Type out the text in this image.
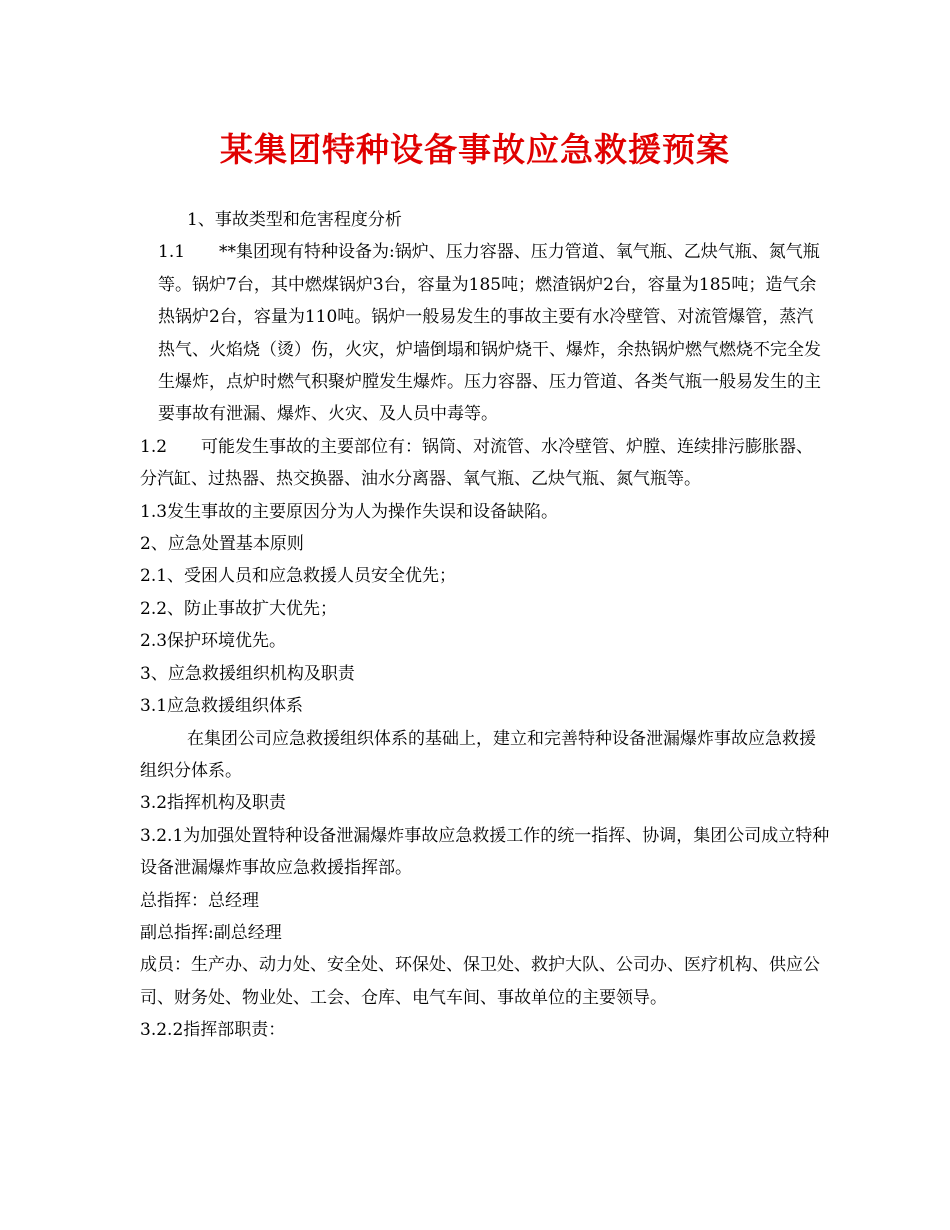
某集团特种设备事故应急救援预案

1、事故类型和危害程度分析

1.1　　**集团现有特种设备为:锅炉、压力容器、压力管道、氧气瓶、乙炔气瓶、氮气瓶等。锅炉7台，其中燃煤锅炉3台，容量为185吨；燃渣锅炉2台，容量为185吨；造气余热锅炉2台，容量为110吨。锅炉一般易发生的事故主要有水冷壁管、对流管爆管，蒸汽热气、火焰烧（烫）伤，火灾，炉墙倒塌和锅炉烧干、爆炸，余热锅炉燃气燃烧不完全发生爆炸，点炉时燃气积聚炉膛发生爆炸。压力容器、压力管道、各类气瓶一般易发生的主要事故有泄漏、爆炸、火灾、及人员中毒等。

1.2　　可能发生事故的主要部位有：锅筒、对流管、水冷壁管、炉膛、连续排污膨胀器、分汽缸、过热器、热交换器、油水分离器、氧气瓶、乙炔气瓶、氮气瓶等。

1.3发生事故的主要原因分为人为操作失误和设备缺陷。

2、应急处置基本原则

2.1、受困人员和应急救援人员安全优先；

2.2、防止事故扩大优先；

2.3保护环境优先。

3、应急救援组织机构及职责

3.1应急救援组织体系

在集团公司应急救援组织体系的基础上，建立和完善特种设备泄漏爆炸事故应急救援组织分体系。

3.2指挥机构及职责

3.2.1为加强处置特种设备泄漏爆炸事故应急救援工作的统一指挥、协调，集团公司成立特种设备泄漏爆炸事故应急救援指挥部。

总指挥：总经理

副总指挥:副总经理

成员：生产办、动力处、安全处、环保处、保卫处、救护大队、公司办、医疗机构、供应公司、财务处、物业处、工会、仓库、电气车间、事故单位的主要领导。

3.2.2指挥部职责：
